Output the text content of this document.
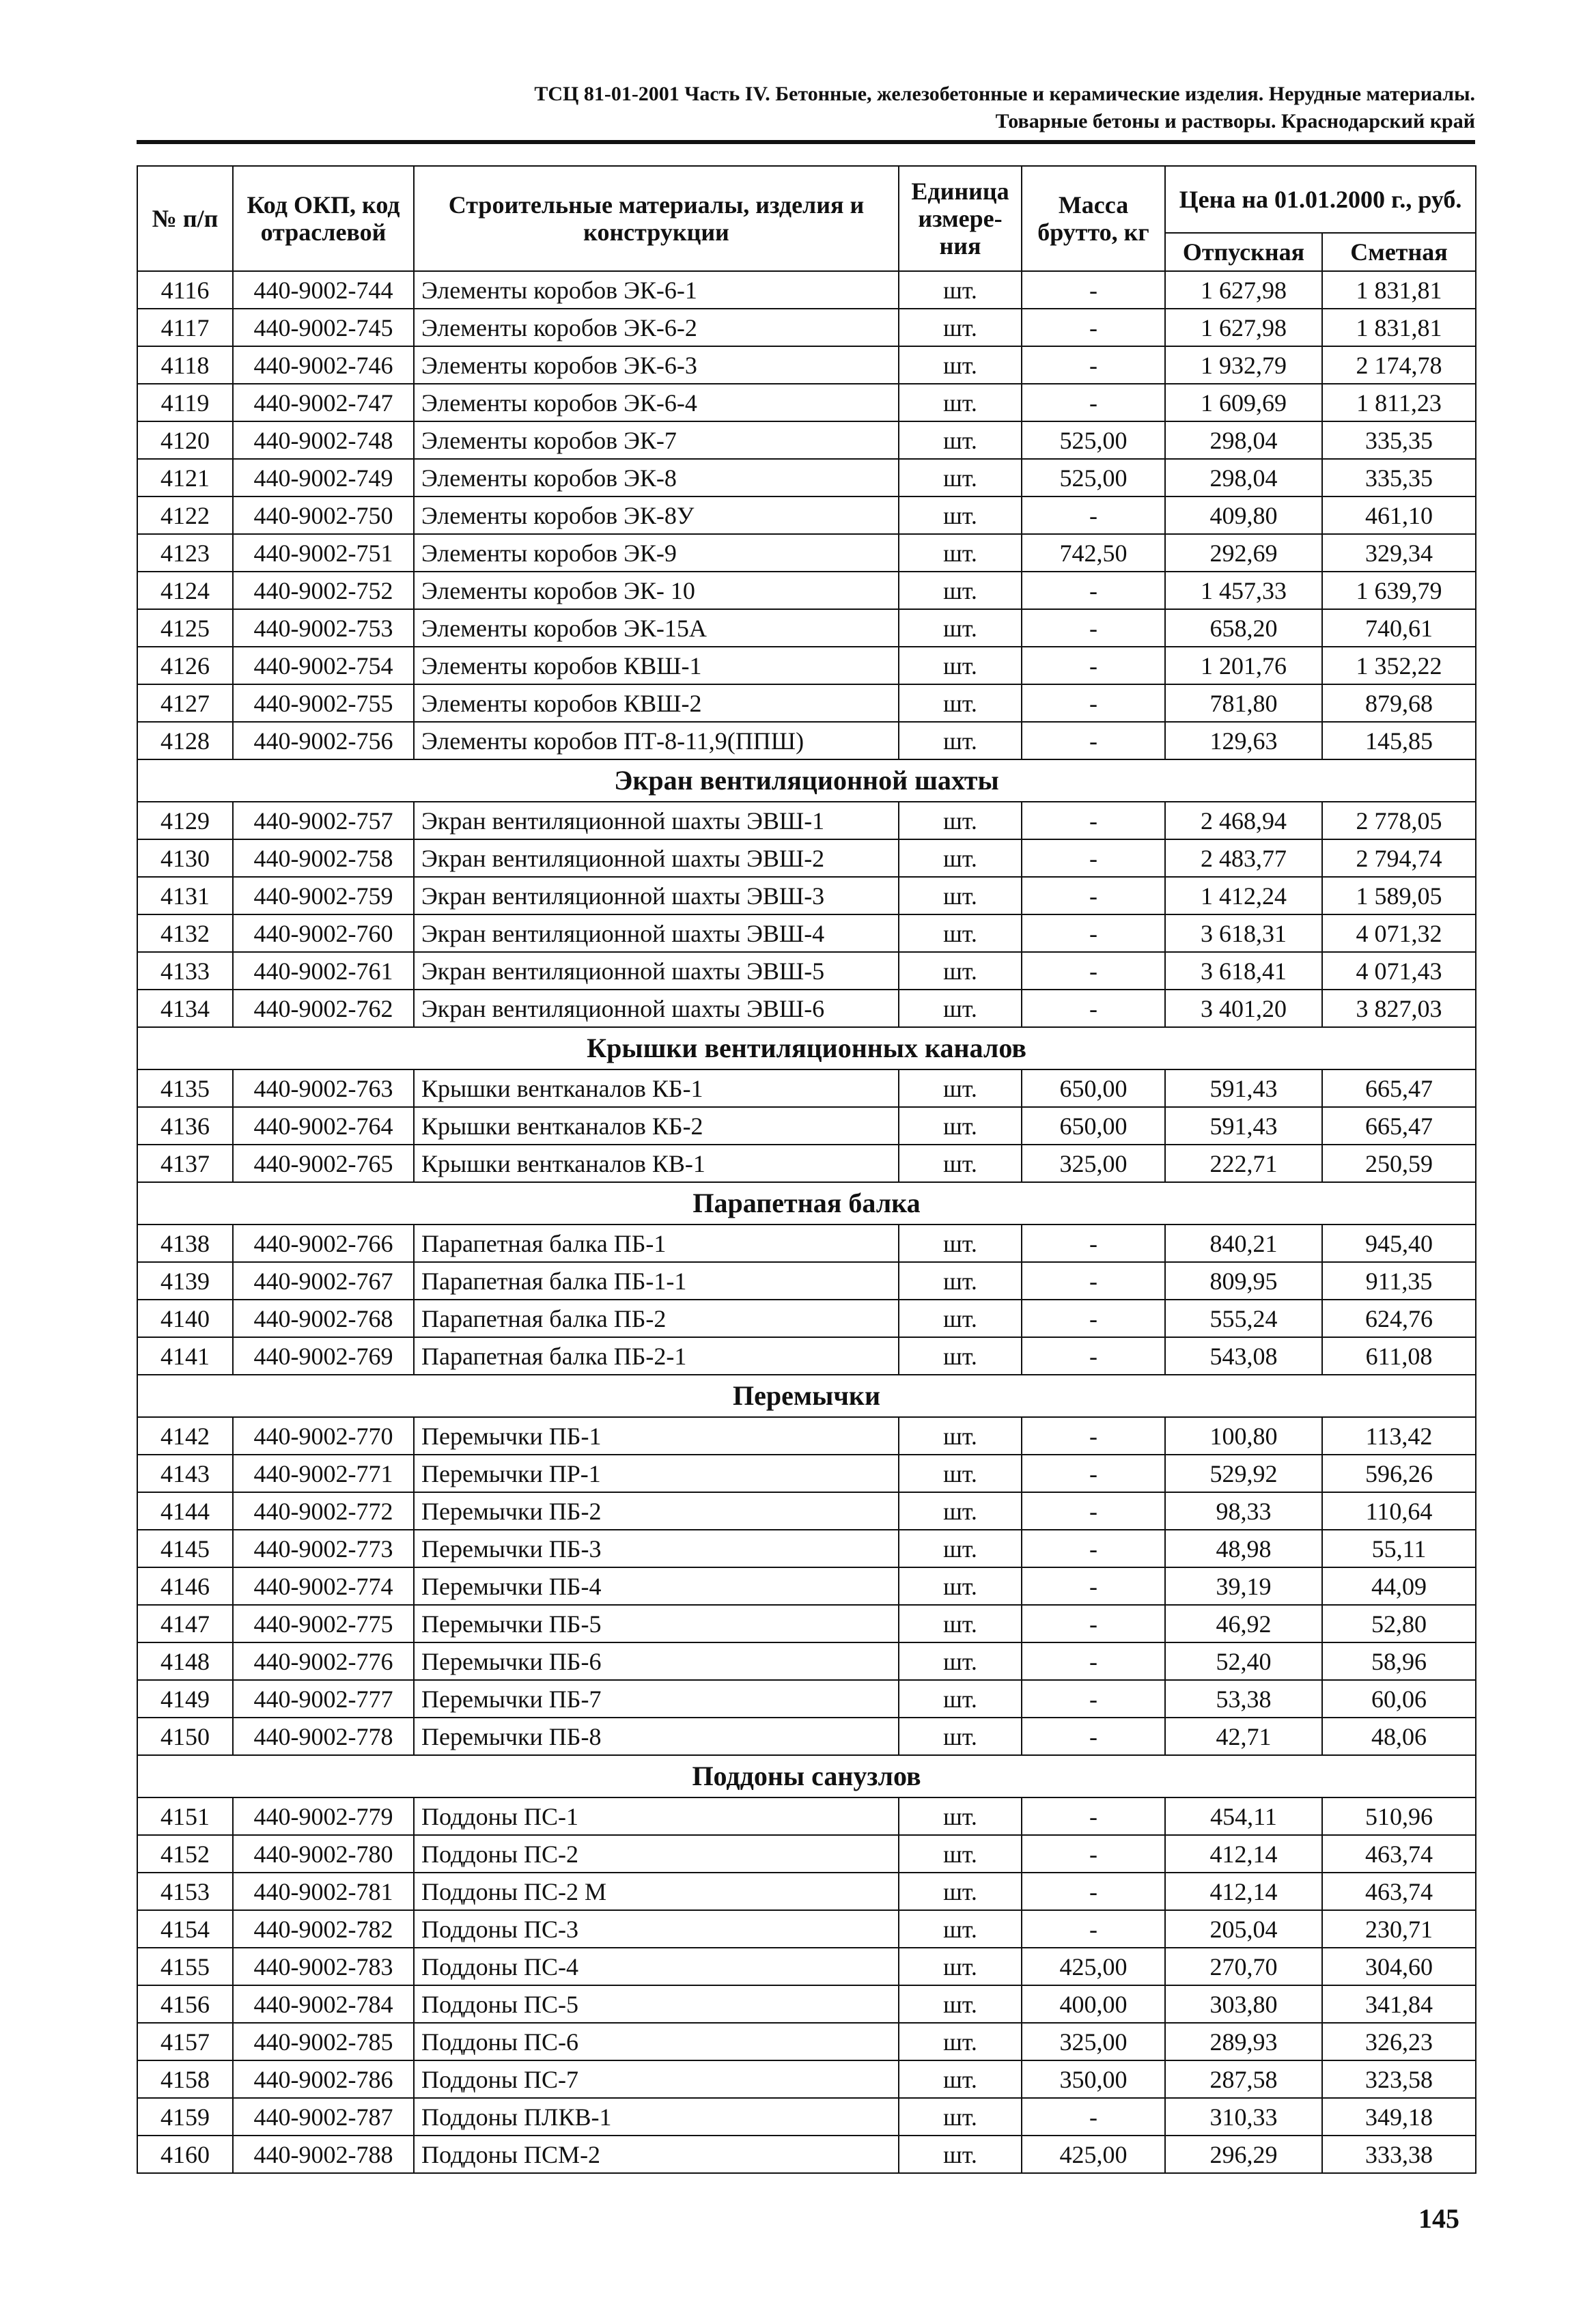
ТСЦ 81-01-2001 Часть IV. Бетонные, железобетонные и керамические изделия. Нерудные материалы.
Товарные бетоны и растворы. Краснодарский край
№ п/п	Код ОКП, код отраслевой	Строительные материалы, изделия и конструкции	Единица измере-ния	Масса брутто, кг	Цена на 01.01.2000 г., руб.	
					Отпускная	Сметная
4116	440-9002-744	Элементы коробов ЭК-6-1	шт.	-	1 627,98	1 831,81
4117	440-9002-745	Элементы коробов ЭК-6-2	шт.	-	1 627,98	1 831,81
4118	440-9002-746	Элементы коробов ЭК-6-3	шт.	-	1 932,79	2 174,78
4119	440-9002-747	Элементы коробов ЭК-6-4	шт.	-	1 609,69	1 811,23
4120	440-9002-748	Элементы коробов ЭК-7	шт.	525,00	298,04	335,35
4121	440-9002-749	Элементы коробов ЭК-8	шт.	525,00	298,04	335,35
4122	440-9002-750	Элементы коробов ЭК-8У	шт.	-	409,80	461,10
4123	440-9002-751	Элементы коробов ЭК-9	шт.	742,50	292,69	329,34
4124	440-9002-752	Элементы коробов ЭК- 10	шт.	-	1 457,33	1 639,79
4125	440-9002-753	Элементы коробов ЭК-15А	шт.	-	658,20	740,61
4126	440-9002-754	Элементы коробов КВШ-1	шт.	-	1 201,76	1 352,22
4127	440-9002-755	Элементы коробов КВШ-2	шт.	-	781,80	879,68
4128	440-9002-756	Элементы коробов ПТ-8-11,9(ППШ)	шт.	-	129,63	145,85
Экран вентиляционной шахты						
4129	440-9002-757	Экран вентиляционной шахты ЭВШ-1	шт.	-	2 468,94	2 778,05
4130	440-9002-758	Экран вентиляционной шахты ЭВШ-2	шт.	-	2 483,77	2 794,74
4131	440-9002-759	Экран вентиляционной шахты ЭВШ-3	шт.	-	1 412,24	1 589,05
4132	440-9002-760	Экран вентиляционной шахты ЭВШ-4	шт.	-	3 618,31	4 071,32
4133	440-9002-761	Экран вентиляционной шахты ЭВШ-5	шт.	-	3 618,41	4 071,43
4134	440-9002-762	Экран вентиляционной шахты ЭВШ-6	шт.	-	3 401,20	3 827,03
Крышки вентиляционных каналов						
4135	440-9002-763	Крышки вентканалов КБ-1	шт.	650,00	591,43	665,47
4136	440-9002-764	Крышки вентканалов КБ-2	шт.	650,00	591,43	665,47
4137	440-9002-765	Крышки вентканалов КВ-1	шт.	325,00	222,71	250,59
Парапетная балка						
4138	440-9002-766	Парапетная балка ПБ-1	шт.	-	840,21	945,40
4139	440-9002-767	Парапетная балка ПБ-1-1	шт.	-	809,95	911,35
4140	440-9002-768	Парапетная балка ПБ-2	шт.	-	555,24	624,76
4141	440-9002-769	Парапетная балка ПБ-2-1	шт.	-	543,08	611,08
Перемычки						
4142	440-9002-770	Перемычки ПБ-1	шт.	-	100,80	113,42
4143	440-9002-771	Перемычки ПР-1	шт.	-	529,92	596,26
4144	440-9002-772	Перемычки ПБ-2	шт.	-	98,33	110,64
4145	440-9002-773	Перемычки ПБ-3	шт.	-	48,98	55,11
4146	440-9002-774	Перемычки ПБ-4	шт.	-	39,19	44,09
4147	440-9002-775	Перемычки ПБ-5	шт.	-	46,92	52,80
4148	440-9002-776	Перемычки ПБ-6	шт.	-	52,40	58,96
4149	440-9002-777	Перемычки ПБ-7	шт.	-	53,38	60,06
4150	440-9002-778	Перемычки ПБ-8	шт.	-	42,71	48,06
Поддоны санузлов						
4151	440-9002-779	Поддоны ПС-1	шт.	-	454,11	510,96
4152	440-9002-780	Поддоны ПС-2	шт.	-	412,14	463,74
4153	440-9002-781	Поддоны ПС-2 М	шт.	-	412,14	463,74
4154	440-9002-782	Поддоны ПС-3	шт.	-	205,04	230,71
4155	440-9002-783	Поддоны ПС-4	шт.	425,00	270,70	304,60
4156	440-9002-784	Поддоны ПС-5	шт.	400,00	303,80	341,84
4157	440-9002-785	Поддоны ПС-6	шт.	325,00	289,93	326,23
4158	440-9002-786	Поддоны ПС-7	шт.	350,00	287,58	323,58
4159	440-9002-787	Поддоны ПЛКВ-1	шт.	-	310,33	349,18
4160	440-9002-788	Поддоны ПСМ-2	шт.	425,00	296,29	333,38
145
